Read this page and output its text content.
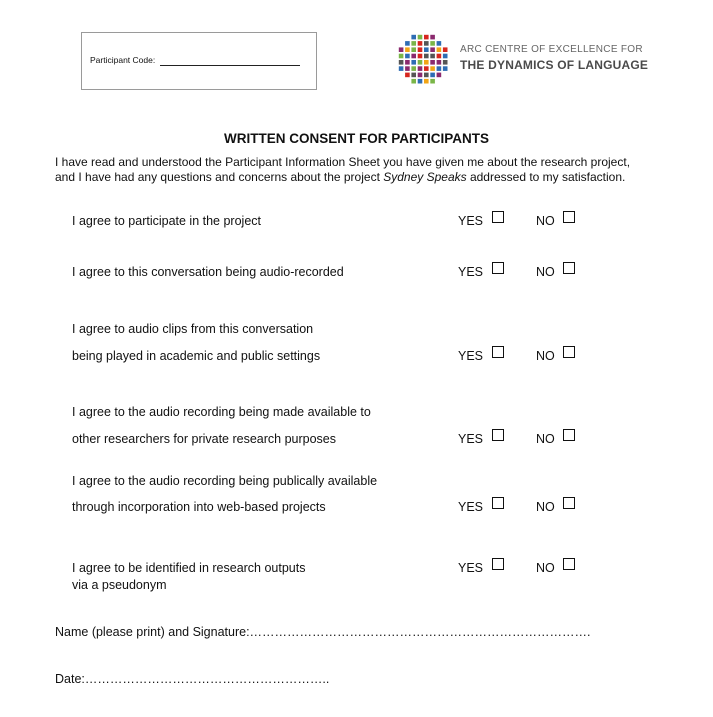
Participant Code:
ARC CENTRE OF EXCELLENCE FOR
THE DYNAMICS OF LANGUAGE
WRITTEN CONSENT FOR PARTICIPANTS
I have read and understood the Participant Information Sheet you have given me about the research project,
and I have had any questions and concerns about the project Sydney Speaks addressed to my satisfaction.
I agree to participate in the project	YES	NO
I agree to this conversation being audio-recorded	YES	NO
I agree to audio clips from this conversation
being played in academic and public settings	YES	NO
I agree to the audio recording being made available to
other researchers for private research purposes	YES	NO
I agree to the audio recording being publically available
through incorporation into web-based projects	YES	NO
I agree to be identified in research outputs
via a pseudonym
YES	NO
Name (please print) and Signature:……………………………………………………………………….
Date:…………………………………………………..
